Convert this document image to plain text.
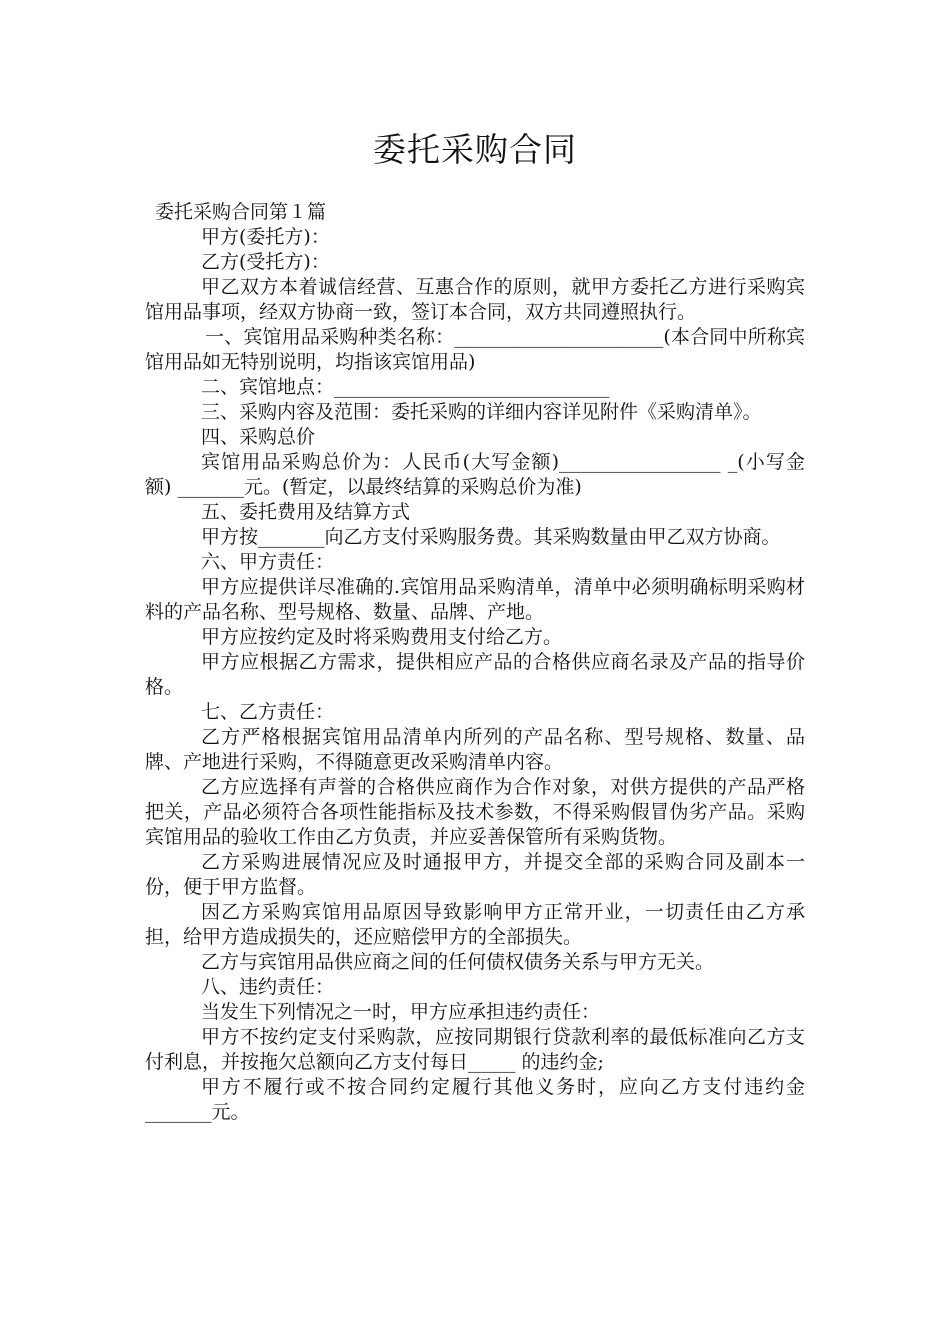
委托采购合同

委托采购合同第１篇

甲方(委托方)：

乙方(受托方)：

甲乙双方本着诚信经营、互惠合作的原则，就甲方委托乙方进行采购宾馆用品事项，经双方协商一致，签订本合同，双方共同遵照执行。

一、宾馆用品采购种类名称：______________________(本合同中所称宾馆用品如无特别说明，均指该宾馆用品)

二、宾馆地点：_____________________________

三、采购内容及范围：委托采购的详细内容详见附件《采购清单》。

四、采购总价

宾馆用品采购总价为：人民币(大写金额)_________________ _(小写金额) _______元。(暂定，以最终结算的采购总价为准)

五、委托费用及结算方式

甲方按_______向乙方支付采购服务费。其采购数量由甲乙双方协商。

六、甲方责任：

甲方应提供详尽准确的.宾馆用品采购清单，清单中必须明确标明采购材料的产品名称、型号规格、数量、品牌、产地。

甲方应按约定及时将采购费用支付给乙方。

甲方应根据乙方需求，提供相应产品的合格供应商名录及产品的指导价格。

七、乙方责任：

乙方严格根据宾馆用品清单内所列的产品名称、型号规格、数量、品牌、产地进行采购，不得随意更改采购清单内容。

乙方应选择有声誉的合格供应商作为合作对象，对供方提供的产品严格把关，产品必须符合各项性能指标及技术参数，不得采购假冒伪劣产品。采购宾馆用品的验收工作由乙方负责，并应妥善保管所有采购货物。

乙方采购进展情况应及时通报甲方，并提交全部的采购合同及副本一份，便于甲方监督。

因乙方采购宾馆用品原因导致影响甲方正常开业，一切责任由乙方承担，给甲方造成损失的，还应赔偿甲方的全部损失。

乙方与宾馆用品供应商之间的任何债权债务关系与甲方无关。

八、违约责任：

当发生下列情况之一时，甲方应承担违约责任：

甲方不按约定支付采购款，应按同期银行贷款利率的最低标准向乙方支付利息，并按拖欠总额向乙方支付每日_____ 的违约金;

甲方不履行或不按合同约定履行其他义务时，应向乙方支付违约金_______元。
